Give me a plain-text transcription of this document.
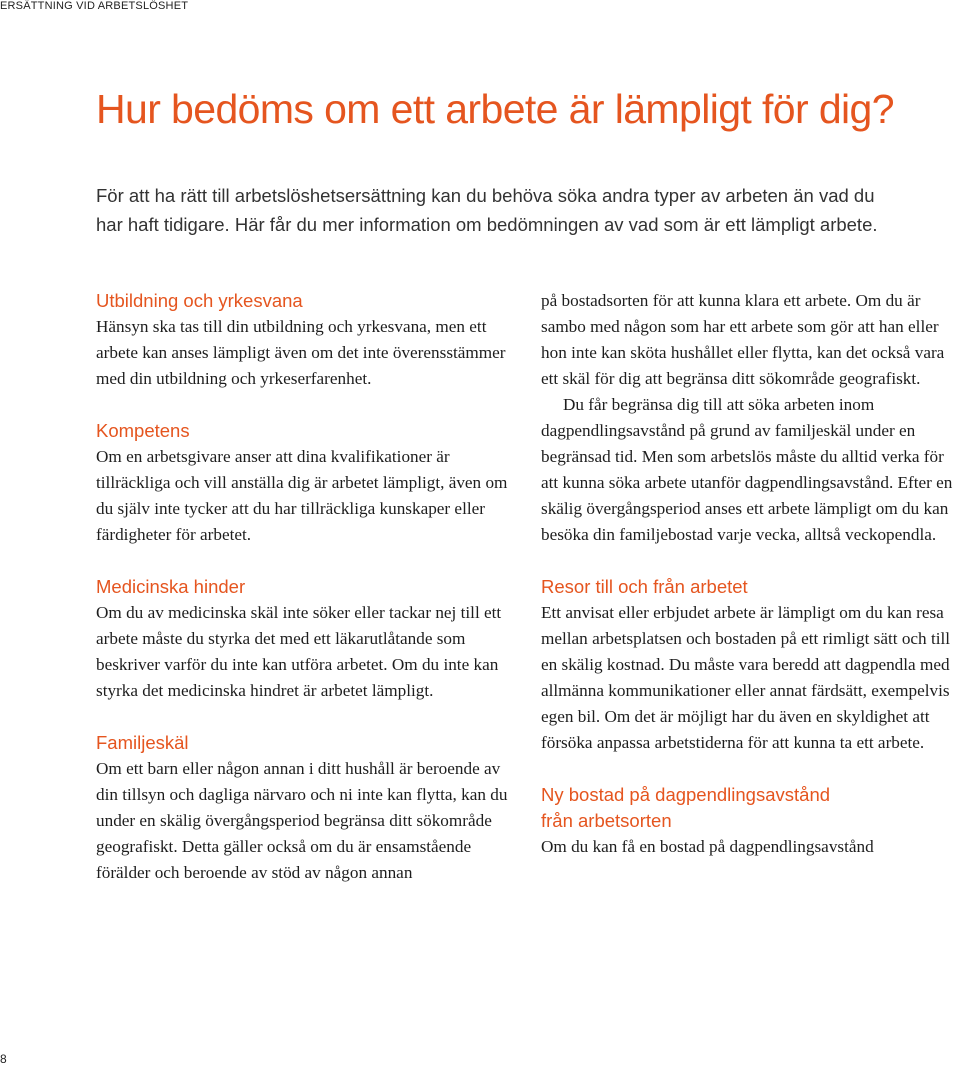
ERSÄTTNING VID ARBETSLÖSHET
Hur bedöms om ett arbete är lämpligt för dig?

För att ha rätt till arbetslöshetsersättning kan du behöva söka andra typer av arbeten än vad du har haft tidigare. Här får du mer information om bedömningen av vad som är ett lämpligt arbete.

Utbildning och yrkesvana

Hänsyn ska tas till din utbildning och yrkesvana, men ett arbete kan anses lämpligt även om det inte överensstämmer med din utbildning och yrkeserfarenhet.

Kompetens

Om en arbetsgivare anser att dina kvalifikationer är tillräckliga och vill anställa dig är arbetet lämpligt, även om du själv inte tycker att du har tillräckliga kunskaper eller färdigheter för arbetet.

Medicinska hinder

Om du av medicinska skäl inte söker eller tackar nej till ett arbete måste du styrka det med ett läkarutlåtande som beskriver varför du inte kan utföra arbetet. Om du inte kan styrka det medicinska hindret är arbetet lämpligt.

Familjeskäl

Om ett barn eller någon annan i ditt hushåll är beroende av din tillsyn och dagliga närvaro och ni inte kan flytta, kan du under en skälig övergångsperiod begränsa ditt sökområde geografiskt. Detta gäller också om du är ensamstående förälder och beroende av stöd av någon annan

på bostadsorten för att kunna klara ett arbete. Om du är sambo med någon som har ett arbete som gör att han eller hon inte kan sköta hushållet eller flytta, kan det också vara ett skäl för dig att begränsa ditt sökområde geografiskt.

Du får begränsa dig till att söka arbeten inom dagpendlingsavstånd på grund av familjeskäl under en begränsad tid. Men som arbetslös måste du alltid verka för att kunna söka arbete utanför dagpendlingsavstånd. Efter en skälig övergångsperiod anses ett arbete lämpligt om du kan besöka din familjebostad varje vecka, alltså veckopendla.

Resor till och från arbetet

Ett anvisat eller erbjudet arbete är lämpligt om du kan resa mellan arbetsplatsen och bostaden på ett rimligt sätt och till en skälig kostnad. Du måste vara beredd att dagpendla med allmänna kommunikationer eller annat färdsätt, exempelvis egen bil. Om det är möjligt har du även en skyldighet att försöka anpassa arbetstiderna för att kunna ta ett arbete.

Ny bostad på dagpendlingsavstånd

från arbetsorten

Om du kan få en bostad på dagpendlingsavstånd

8
